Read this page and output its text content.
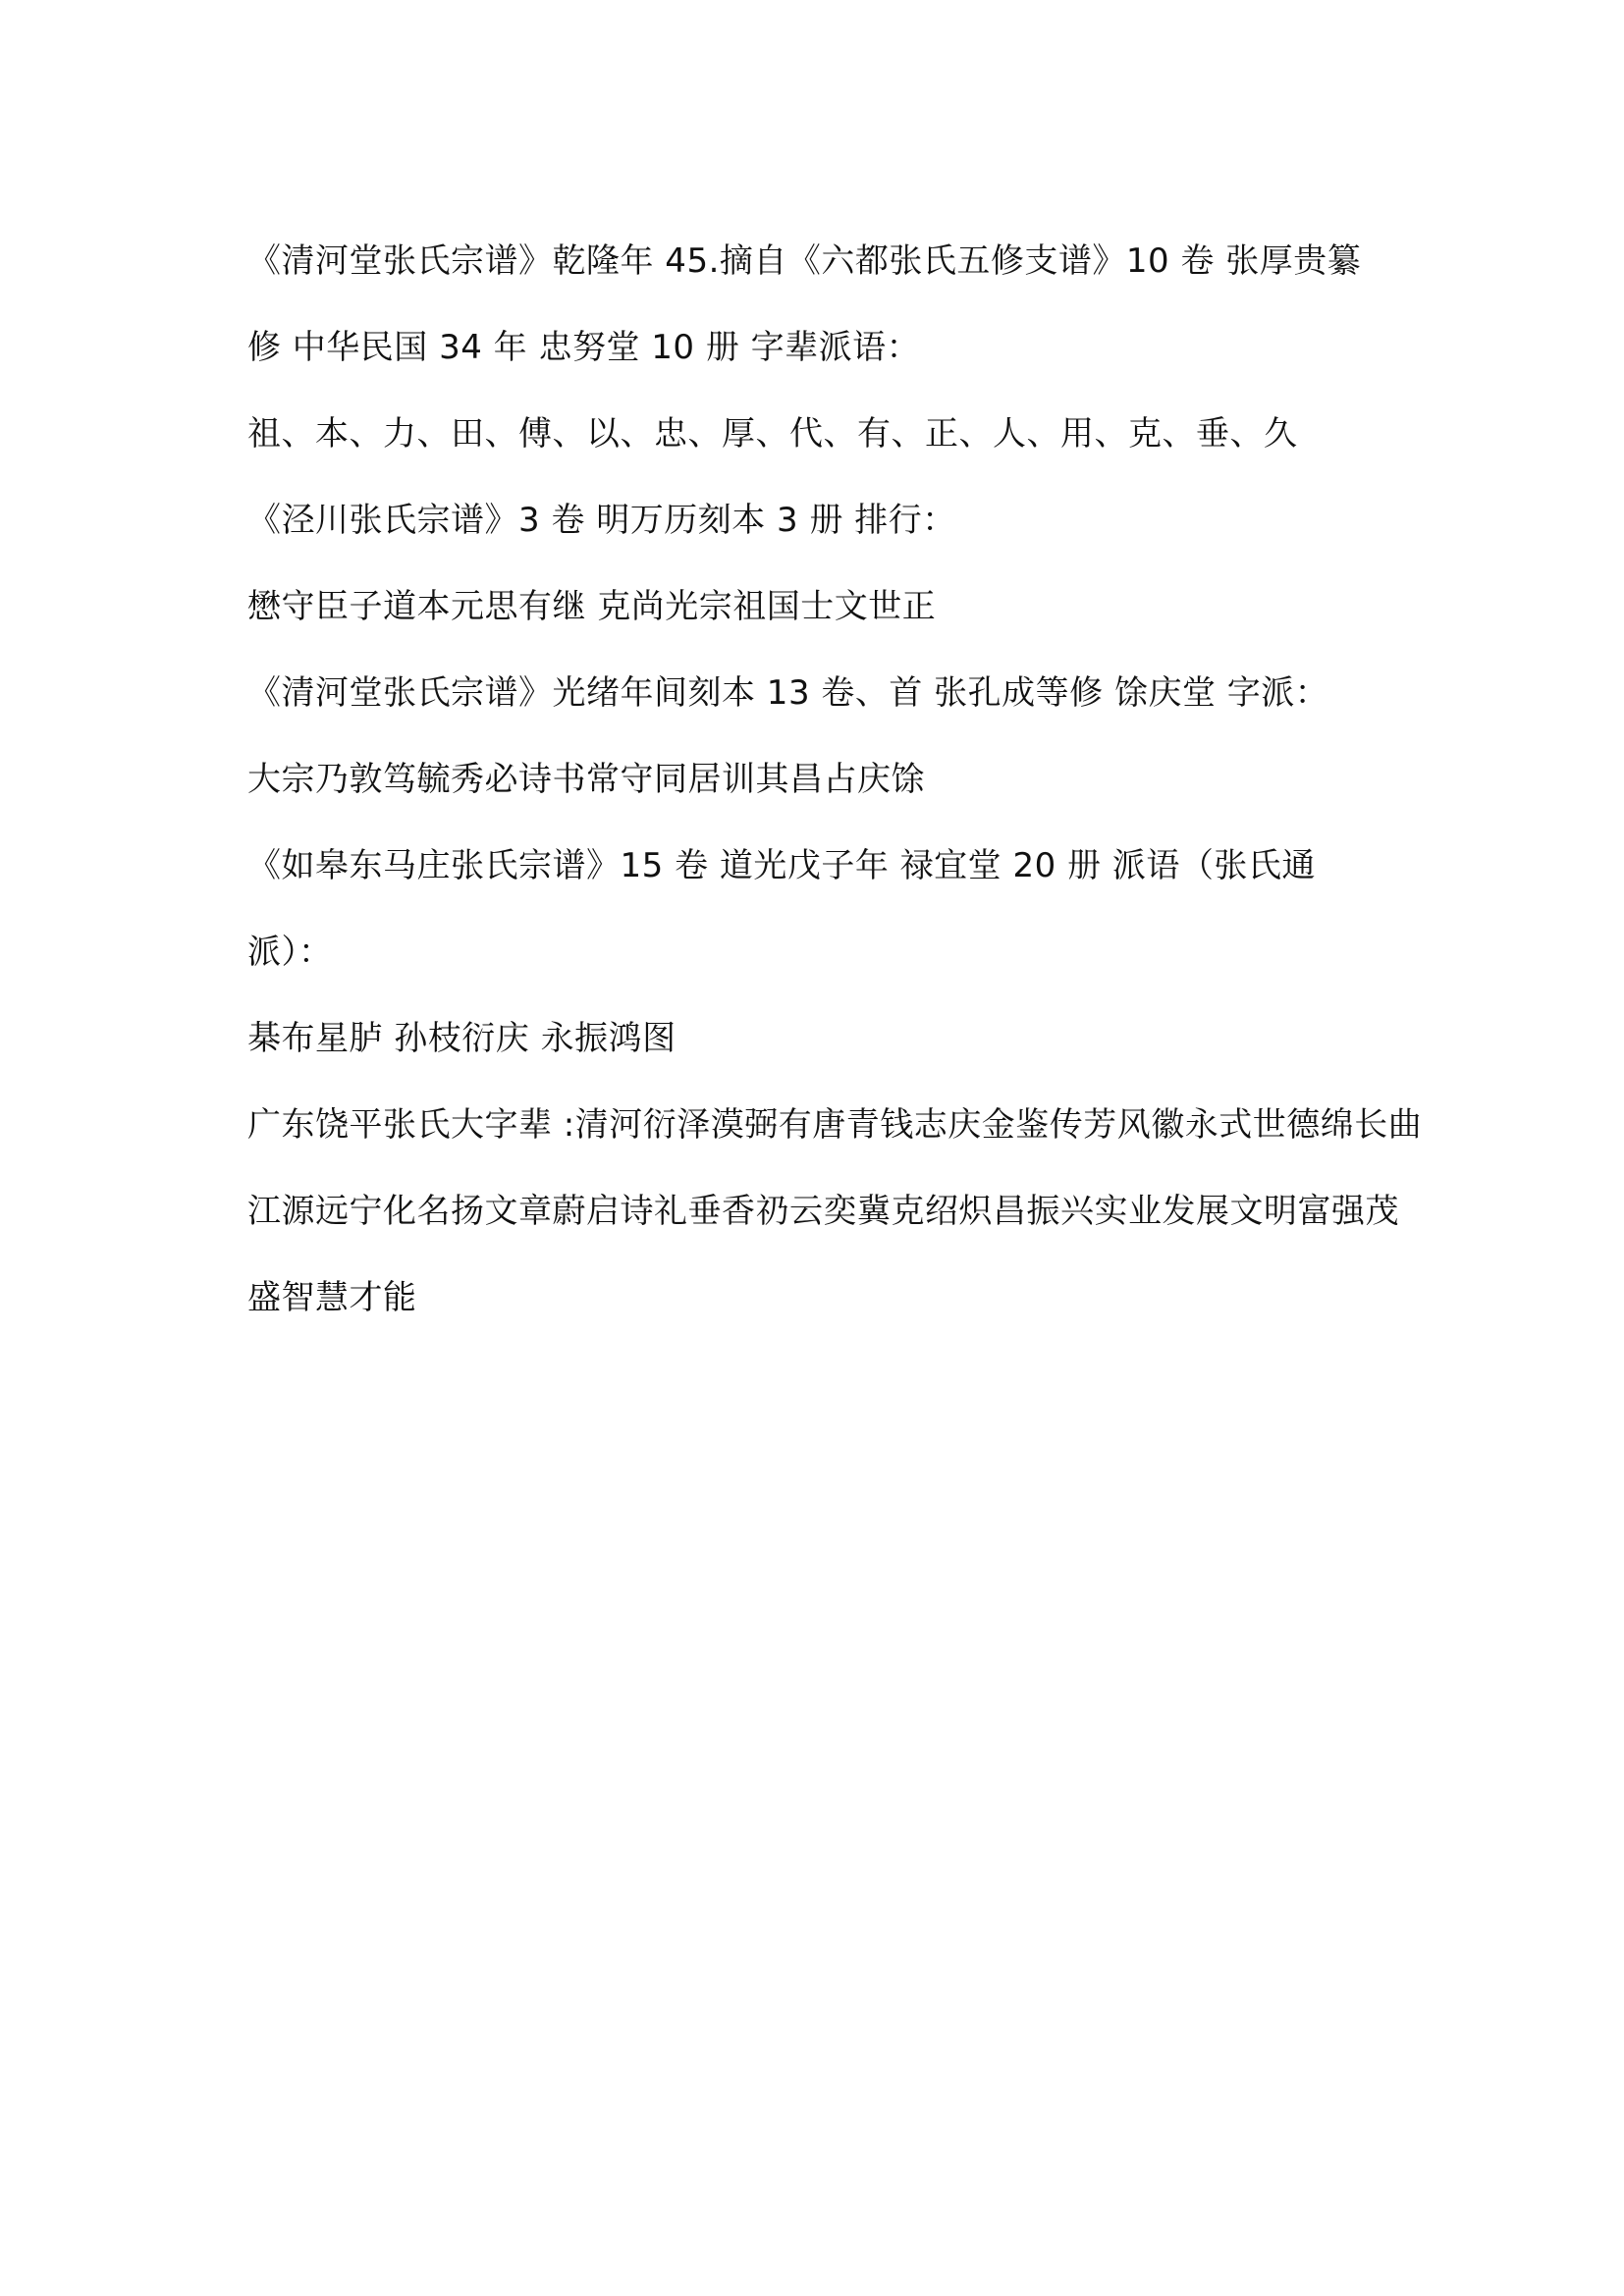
《清河堂张氏宗谱》乾隆年 45.摘自《六都张氏五修支谱》10 卷 张厚贵纂
修 中华民国 34 年 忠努堂 10 册 字辈派语：
祖、本、力、田、傅、以、忠、厚、代、有、正、人、用、克、垂、久
《泾川张氏宗谱》3 卷 明万历刻本 3 册 排行：
懋守臣子道本元思有继 克尚光宗祖国士文世正
《清河堂张氏宗谱》光绪年间刻本 13 卷、首 张孔成等修 馀庆堂 字派：
大宗乃敦笃毓秀必诗书常守同居训其昌占庆馀
《如皋东马庄张氏宗谱》15 卷 道光戊子年 禄宜堂 20 册 派语（张氏通
派）：
棊布星胪 孙枝衍庆 永振鸿图
广东饶平张氏大字辈 :清河衍泽漠弼有唐青钱志庆金鉴传芳风徽永式世德绵长曲
江源远宁化名扬文章蔚启诗礼垂香礽云奕冀克绍炽昌振兴实业发展文明富强茂
盛智慧才能
